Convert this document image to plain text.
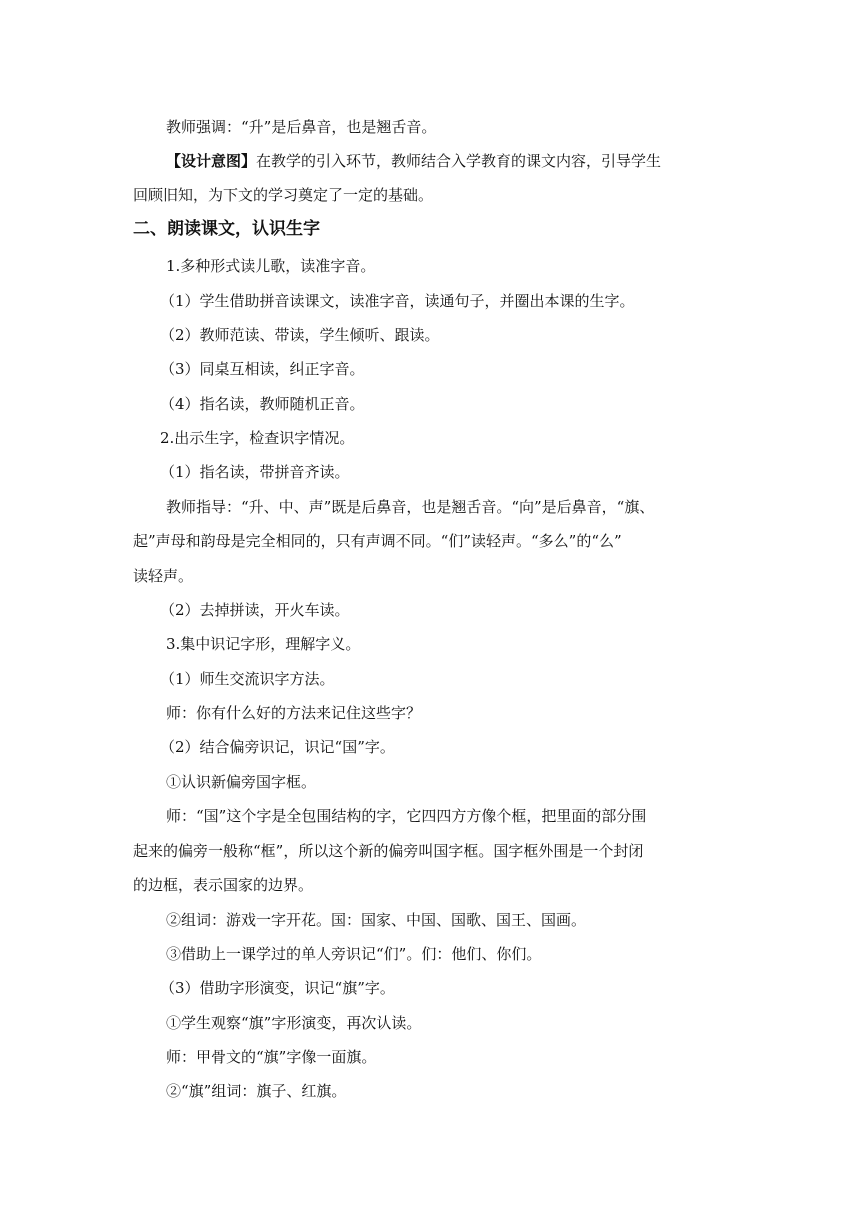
教师强调：“升”是后鼻音，也是翘舌音。
【设计意图】在教学的引入环节，教师结合入学教育的课文内容，引导学生
回顾旧知，为下文的学习奠定了一定的基础。
二、朗读课文，认识生字
1.多种形式读儿歌，读准字音。
（1）学生借助拼音读课文，读准字音，读通句子，并圈出本课的生字。
（2）教师范读、带读，学生倾听、跟读。
（3）同桌互相读，纠正字音。
（4）指名读，教师随机正音。
2.出示生字，检查识字情况。
（1）指名读，带拼音齐读。
教师指导：“升、中、声”既是后鼻音，也是翘舌音。“向”是后鼻音，“旗、
起”声母和韵母是完全相同的，只有声调不同。“们”读轻声。“多么”的“么”
读轻声。
（2）去掉拼读，开火车读。
3.集中识记字形，理解字义。
（1）师生交流识字方法。
师：你有什么好的方法来记住这些字？
（2）结合偏旁识记，识记“国”字。
①认识新偏旁国字框。
师：“国”这个字是全包围结构的字，它四四方方像个框，把里面的部分围
起来的偏旁一般称“框”，所以这个新的偏旁叫国字框。国字框外围是一个封闭
的边框，表示国家的边界。
②组词：游戏一字开花。国：国家、中国、国歌、国王、国画。
③借助上一课学过的单人旁识记“们”。们：他们、你们。
（3）借助字形演变，识记“旗”字。
①学生观察“旗”字形演变，再次认读。
师：甲骨文的“旗”字像一面旗。
②“旗”组词：旗子、红旗。
